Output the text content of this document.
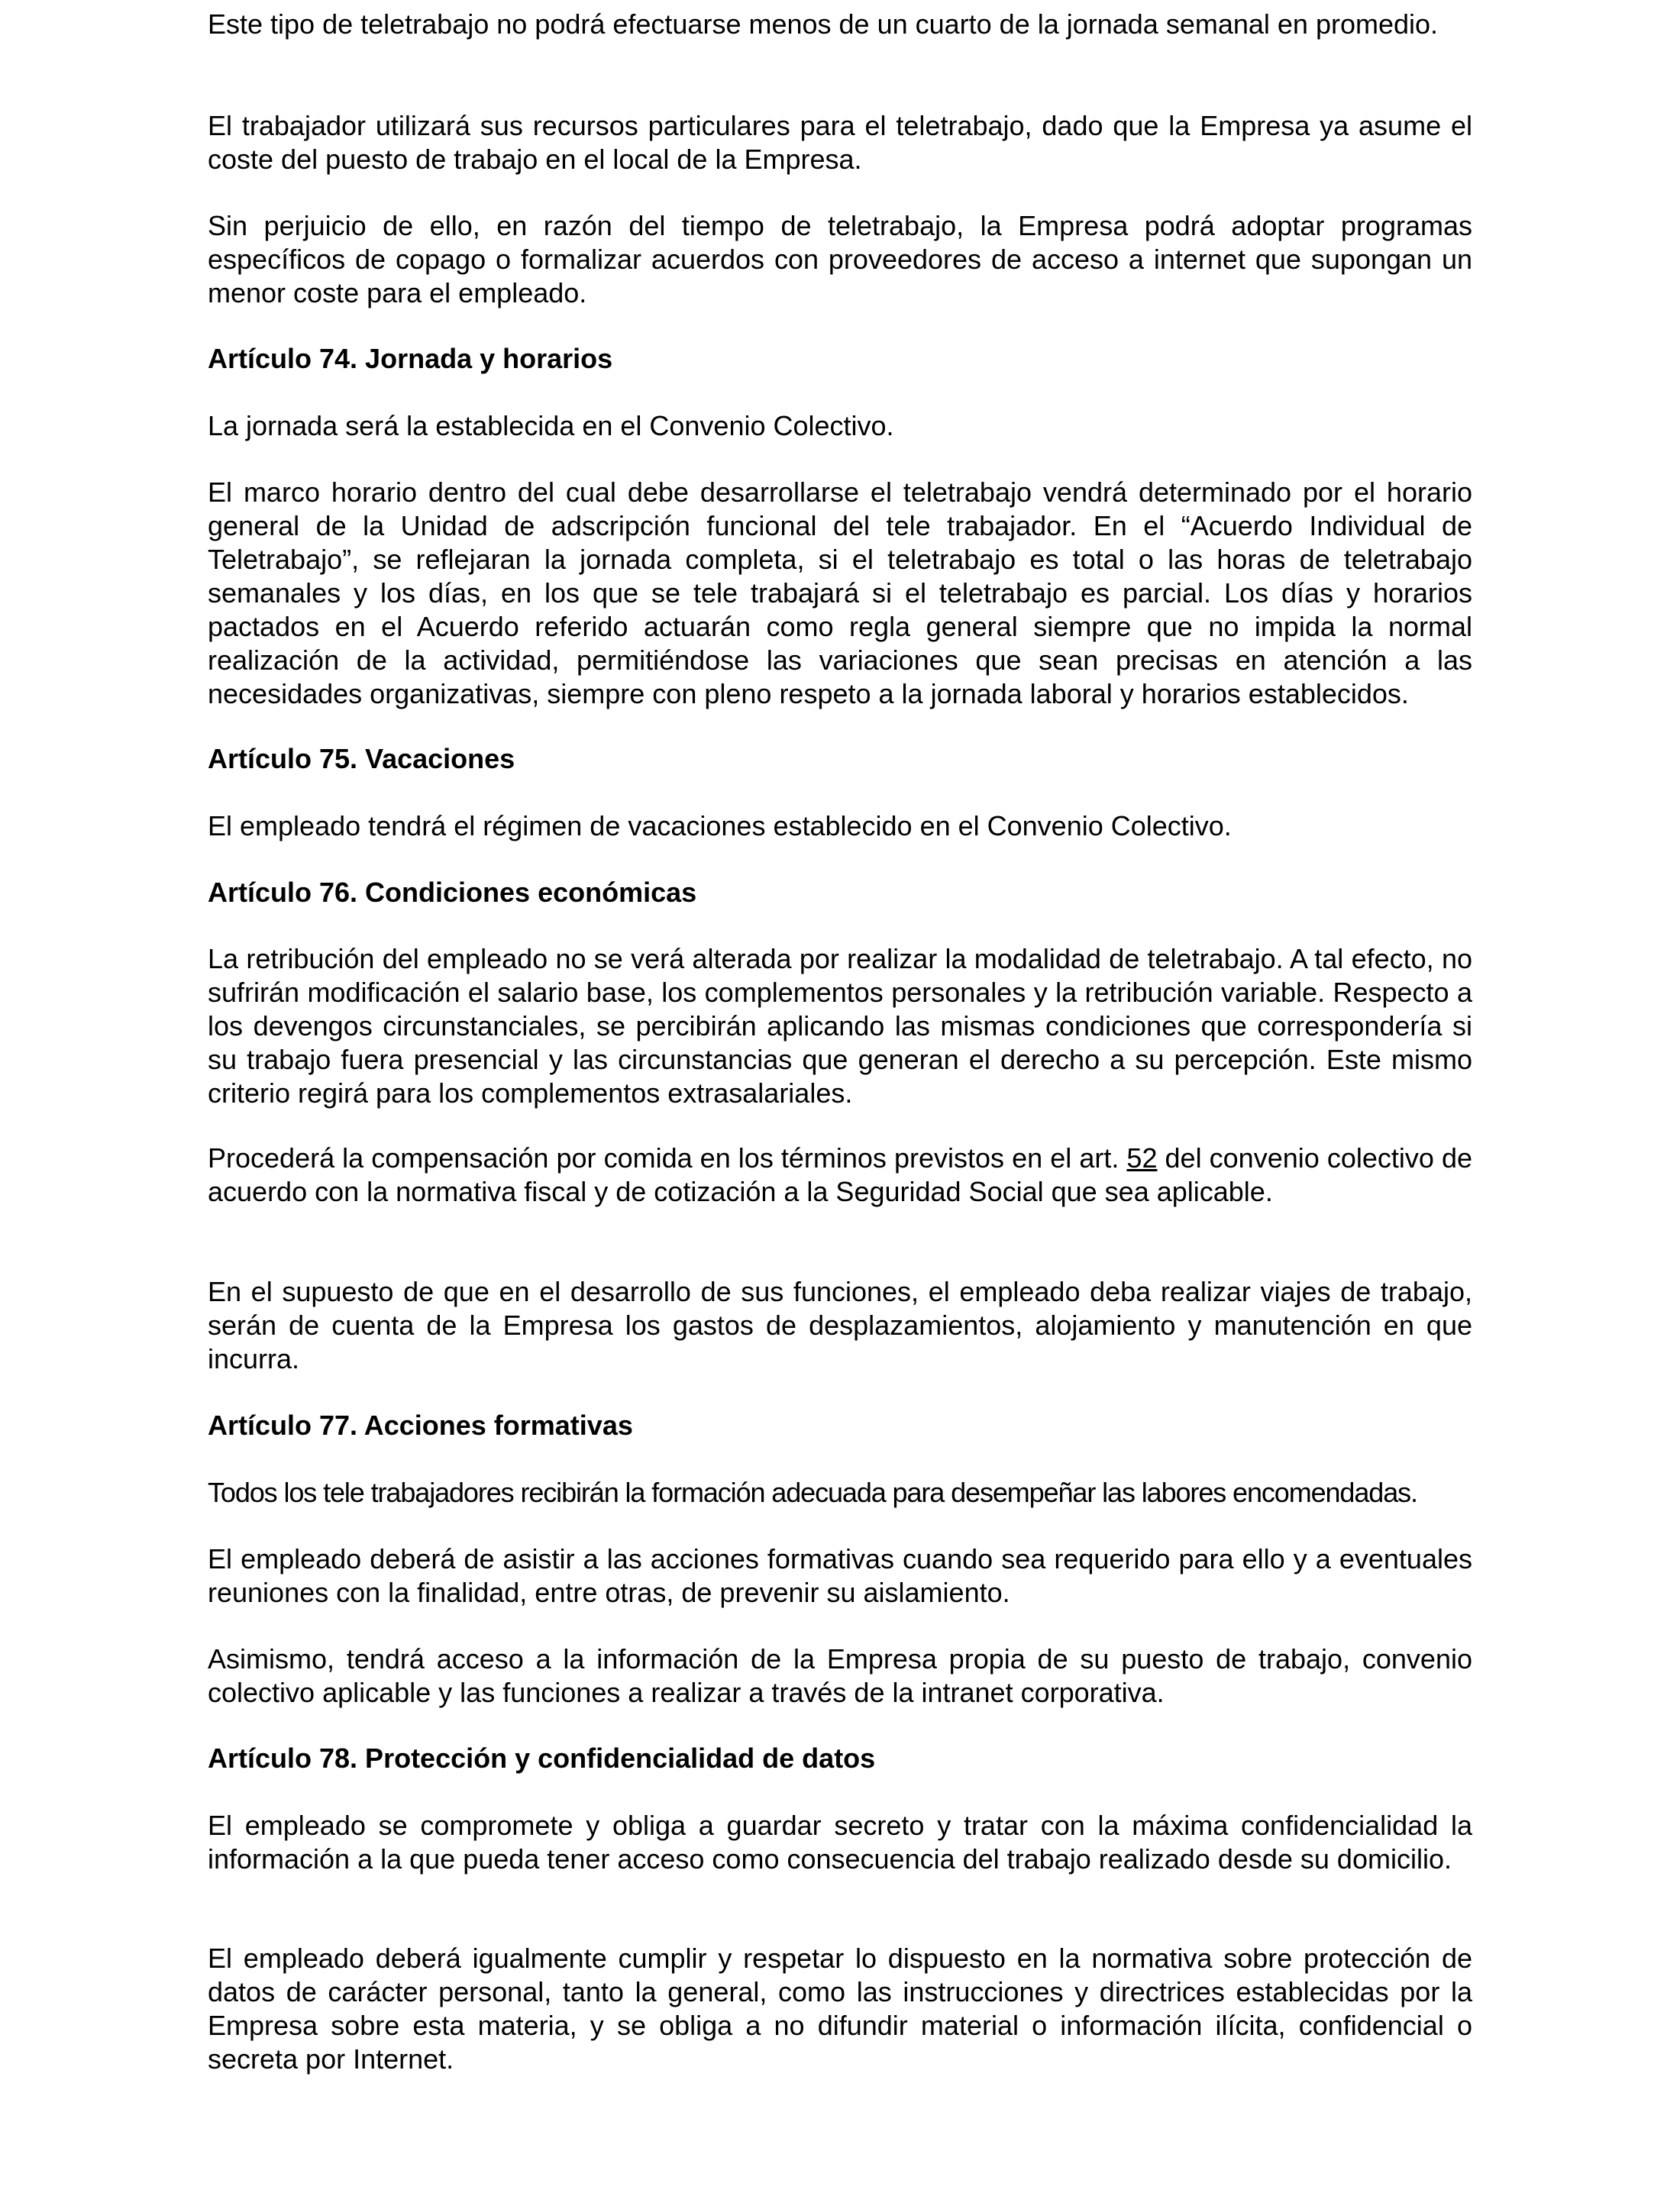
Este tipo de teletrabajo no podrá efectuarse menos de un cuarto de la jornada semanal en promedio.

El trabajador utilizará sus recursos particulares para el teletrabajo, dado que la Empresa ya asume el coste del puesto de trabajo en el local de la Empresa.

Sin perjuicio de ello, en razón del tiempo de teletrabajo, la Empresa podrá adoptar programas específicos de copago o formalizar acuerdos con proveedores de acceso a internet que supongan un menor coste para el empleado.

Artículo 74. Jornada y horarios

La jornada será la establecida en el Convenio Colectivo.

El marco horario dentro del cual debe desarrollarse el teletrabajo vendrá determinado por el horario general de la Unidad de adscripción funcional del tele trabajador. En el “Acuerdo Individual de Teletrabajo”, se reflejaran la jornada completa, si el teletrabajo es total o las horas de teletrabajo semanales y los días, en los que se tele trabajará si el teletrabajo es parcial. Los días y horarios pactados en el Acuerdo referido actuarán como regla general siempre que no impida la normal realización de la actividad, permitiéndose las variaciones que sean precisas en atención a las necesidades organizativas, siempre con pleno respeto a la jornada laboral y horarios establecidos.

Artículo 75. Vacaciones

El empleado tendrá el régimen de vacaciones establecido en el Convenio Colectivo.

Artículo 76. Condiciones económicas

La retribución del empleado no se verá alterada por realizar la modalidad de teletrabajo. A tal efecto, no sufrirán modificación el salario base, los complementos personales y la retribución variable. Respecto a los devengos circunstanciales, se percibirán aplicando las mismas condiciones que correspondería si su trabajo fuera presencial y las circunstancias que generan el derecho a su percepción. Este mismo criterio regirá para los complementos extrasalariales.

Procederá la compensación por comida en los términos previstos en el art. 52 del convenio colectivo de acuerdo con la normativa fiscal y de cotización a la Seguridad Social que sea aplicable.

En el supuesto de que en el desarrollo de sus funciones, el empleado deba realizar viajes de trabajo, serán de cuenta de la Empresa los gastos de desplazamientos, alojamiento y manutención en que incurra.

Artículo 77. Acciones formativas

Todos los tele trabajadores recibirán la formación adecuada para desempeñar las labores encomendadas.

El empleado deberá de asistir a las acciones formativas cuando sea requerido para ello y a eventuales reuniones con la finalidad, entre otras, de prevenir su aislamiento.

Asimismo, tendrá acceso a la información de la Empresa propia de su puesto de trabajo, convenio colectivo aplicable y las funciones a realizar a través de la intranet corporativa.

Artículo 78. Protección y confidencialidad de datos

El empleado se compromete y obliga a guardar secreto y tratar con la máxima confidencialidad la información a la que pueda tener acceso como consecuencia del trabajo realizado desde su domicilio.

El empleado deberá igualmente cumplir y respetar lo dispuesto en la normativa sobre protección de datos de carácter personal, tanto la general, como las instrucciones y directrices establecidas por la Empresa sobre esta materia, y se obliga a no difundir material o información ilícita, confidencial o secreta por Internet.
